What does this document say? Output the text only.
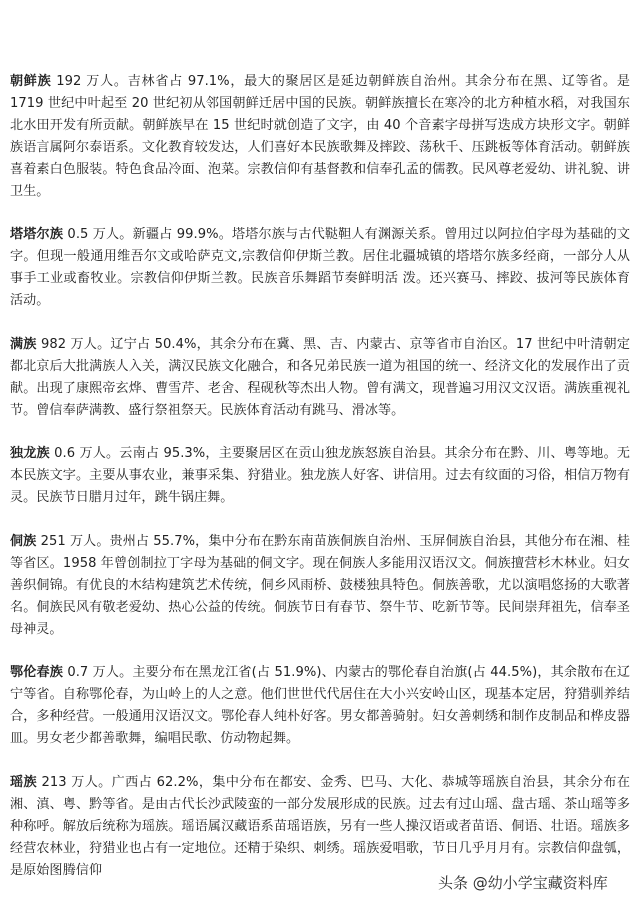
朝鲜族 192 万人。吉林省占 97.1%，最大的聚居区是延边朝鲜族自治州。其余分布在黑、辽等省。是 1719 世纪中叶起至 20 世纪初从邻国朝鲜迁居中国的民族。朝鲜族擅长在寒冷的北方种植水稻，对我国东北水田开发有所贡献。朝鲜族早在 15 世纪时就创造了文字，由 40 个音素字母拼写迭成方块形文字。朝鲜族语言属阿尔泰语系。文化教育较发达，人们喜好本民族歌舞及摔跤、荡秋千、压跳板等体育活动。朝鲜族喜着素白色服装。特色食品冷面、泡菜。宗教信仰有基督教和信奉孔孟的儒教。民风尊老爱幼、讲礼貌、讲卫生。

塔塔尔族 0.5 万人。新疆占 99.9%。塔塔尔族与古代鞑靼人有渊源关系。曾用过以阿拉伯字母为基础的文字。但现一般通用维吾尔文或哈萨克文,宗教信仰伊斯兰教。居住北疆城镇的塔塔尔族多经商，一部分人从事手工业或畜牧业。宗教信仰伊斯兰教。民族音乐舞蹈节奏鲜明活 泼。还兴赛马、摔跤、拔河等民族体育活动。

满族 982 万人。辽宁占 50.4%，其余分布在冀、黑、吉、内蒙古、京等省市自治区。17 世纪中叶清朝定都北京后大批满族人入关，满汉民族文化融合，和各兄弟民族一道为祖国的统一、经济文化的发展作出了贡献。出现了康熙帝玄烨、曹雪芹、老舍、程砚秋等杰出人物。曾有满文，现普遍习用汉文汉语。满族重视礼节。曾信奉萨满教、盛行祭祖祭天。民族体育活动有跳马、滑冰等。

独龙族 0.6 万人。云南占 95.3%，主要聚居区在贡山独龙族怒族自治县。其余分布在黔、川、粤等地。无本民族文字。主要从事农业，兼事采集、狩猎业。独龙族人好客、讲信用。过去有纹面的习俗，相信万物有灵。民族节日腊月过年，跳牛锅庄舞。

侗族 251 万人。贵州占 55.7%，集中分布在黔东南苗族侗族自治州、玉屏侗族自治县，其他分布在湘、桂等省区。1958 年曾创制拉丁字母为基础的侗文字。现在侗族人多能用汉语汉文。侗族擅营杉木林业。妇女善织侗锦。有优良的木结构建筑艺术传统，侗乡风雨桥、鼓楼独具特色。侗族善歌，尤以演唱悠扬的大歌著名。侗族民风有敬老爱幼、热心公益的传统。侗族节日有春节、祭牛节、吃新节等。民间崇拜祖先，信奉圣母神灵。

鄂伦春族 0.7 万人。主要分布在黑龙江省(占 51.9%)、内蒙古的鄂伦春自治旗(占 44.5%)，其余散布在辽宁等省。自称鄂伦春，为山岭上的人之意。他们世世代代居住在大小兴安岭山区，现基本定居，狩猎驯养结合，多种经营。一般通用汉语汉文。鄂伦春人纯朴好客。男女都善骑射。妇女善刺绣和制作皮制品和桦皮器皿。男女老少都善歌舞，编唱民歌、仿动物起舞。

瑶族 213 万人。广西占 62.2%，集中分布在都安、金秀、巴马、大化、恭城等瑶族自治县，其余分布在湘、滇、粤、黔等省。是由古代长沙武陵蛮的一部分发展形成的民族。过去有过山瑶、盘古瑶、茶山瑶等多种称呼。解放后统称为瑶族。瑶语属汉藏语系苗瑶语族，另有一些人操汉语或者苗语、侗语、壮语。瑶族多经营农林业，狩猎业也占有一定地位。还精于染织、刺绣。瑶族爱唱歌，节日几乎月月有。宗教信仰盘瓠，是原始图腾信仰

头条 @幼小学宝藏资料库
